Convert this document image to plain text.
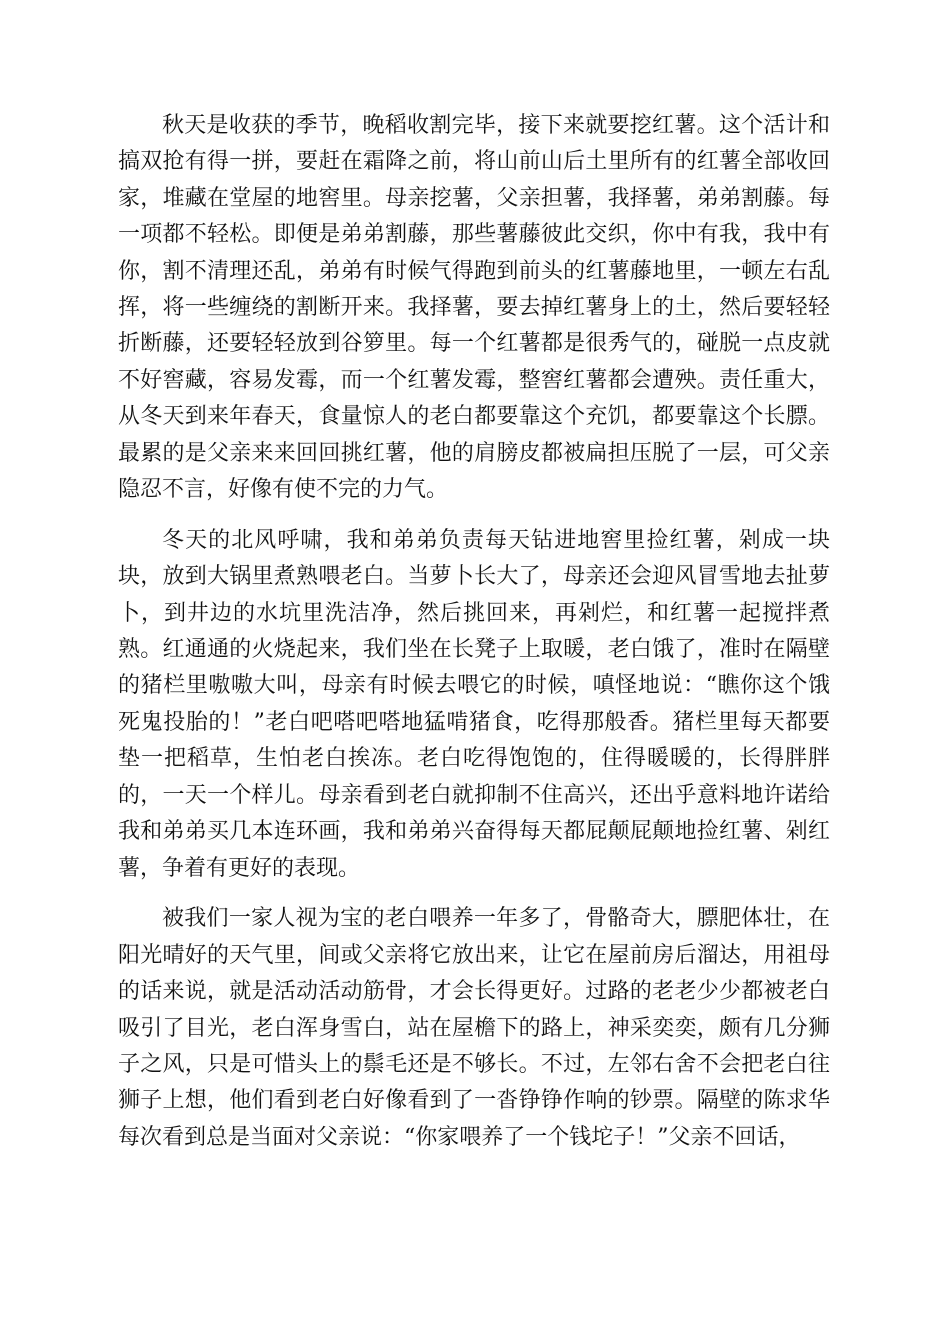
秋天是收获的季节，晚稻收割完毕，接下来就要挖红薯。这个活计和搞双抢有得一拼，要赶在霜降之前，将山前山后土里所有的红薯全部收回家，堆藏在堂屋的地窖里。母亲挖薯，父亲担薯，我择薯，弟弟割藤。每一项都不轻松。即便是弟弟割藤，那些薯藤彼此交织，你中有我，我中有你，割不清理还乱，弟弟有时候气得跑到前头的红薯藤地里，一顿左右乱挥，将一些缠绕的割断开来。我择薯，要去掉红薯身上的土，然后要轻轻折断藤，还要轻轻放到谷箩里。每一个红薯都是很秀气的，碰脱一点皮就不好窖藏，容易发霉，而一个红薯发霉，整窖红薯都会遭殃。责任重大，从冬天到来年春天，食量惊人的老白都要靠这个充饥，都要靠这个长膘。最累的是父亲来来回回挑红薯，他的肩膀皮都被扁担压脱了一层，可父亲隐忍不言，好像有使不完的力气。

冬天的北风呼啸，我和弟弟负责每天钻进地窖里捡红薯，剁成一块块，放到大锅里煮熟喂老白。当萝卜长大了，母亲还会迎风冒雪地去扯萝卜，到井边的水坑里洗洁净，然后挑回来，再剁烂，和红薯一起搅拌煮熟。红通通的火烧起来，我们坐在长凳子上取暖，老白饿了，准时在隔壁的猪栏里嗷嗷大叫，母亲有时候去喂它的时候，嗔怪地说：“瞧你这个饿死鬼投胎的！”老白吧嗒吧嗒地猛啃猪食，吃得那般香。猪栏里每天都要垫一把稻草，生怕老白挨冻。老白吃得饱饱的，住得暖暖的，长得胖胖的，一天一个样儿。母亲看到老白就抑制不住高兴，还出乎意料地许诺给我和弟弟买几本连环画，我和弟弟兴奋得每天都屁颠屁颠地捡红薯、剁红薯，争着有更好的表现。

被我们一家人视为宝的老白喂养一年多了，骨骼奇大，膘肥体壮，在阳光晴好的天气里，间或父亲将它放出来，让它在屋前房后溜达，用祖母的话来说，就是活动活动筋骨，才会长得更好。过路的老老少少都被老白吸引了目光，老白浑身雪白，站在屋檐下的路上，神采奕奕，颇有几分狮子之风，只是可惜头上的鬃毛还是不够长。不过，左邻右舍不会把老白往狮子上想，他们看到老白好像看到了一沓铮铮作响的钞票。隔壁的陈求华每次看到总是当面对父亲说：“你家喂养了一个钱坨子！”父亲不回话，
